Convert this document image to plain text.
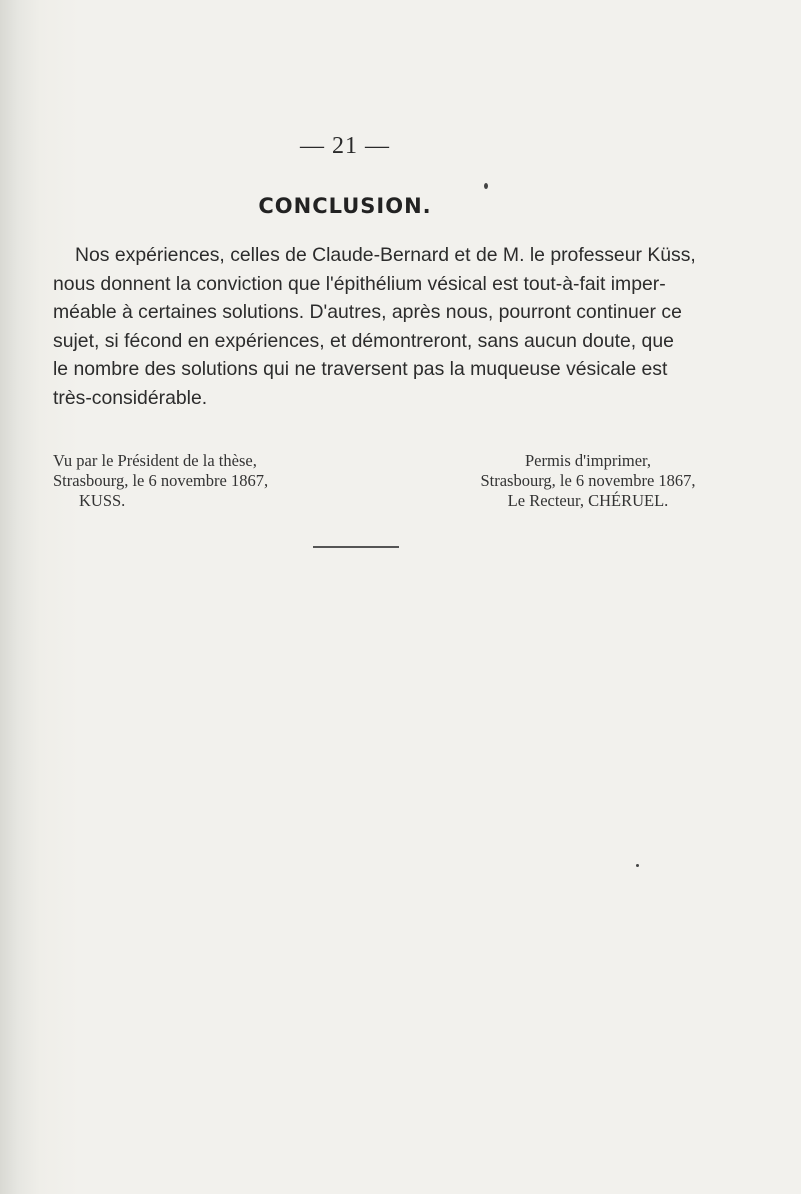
— 21 —
CONCLUSION.
Nos expériences, celles de Claude-Bernard et de M. le professeur Küss,
nous donnent la conviction que l'épithélium vésical est tout-à-fait imper-
méable à certaines solutions. D'autres, après nous, pourront continuer ce
sujet, si fécond en expériences, et démontreront, sans aucun doute, que
le nombre des solutions qui ne traversent pas la muqueuse vésicale est
très-considérable.
Vu par le Président de la thèse,
Strasbourg, le 6 novembre 1867,
KUSS.
Permis d'imprimer,
Strasbourg, le 6 novembre 1867,
Le Recteur, CHÉRUEL.
